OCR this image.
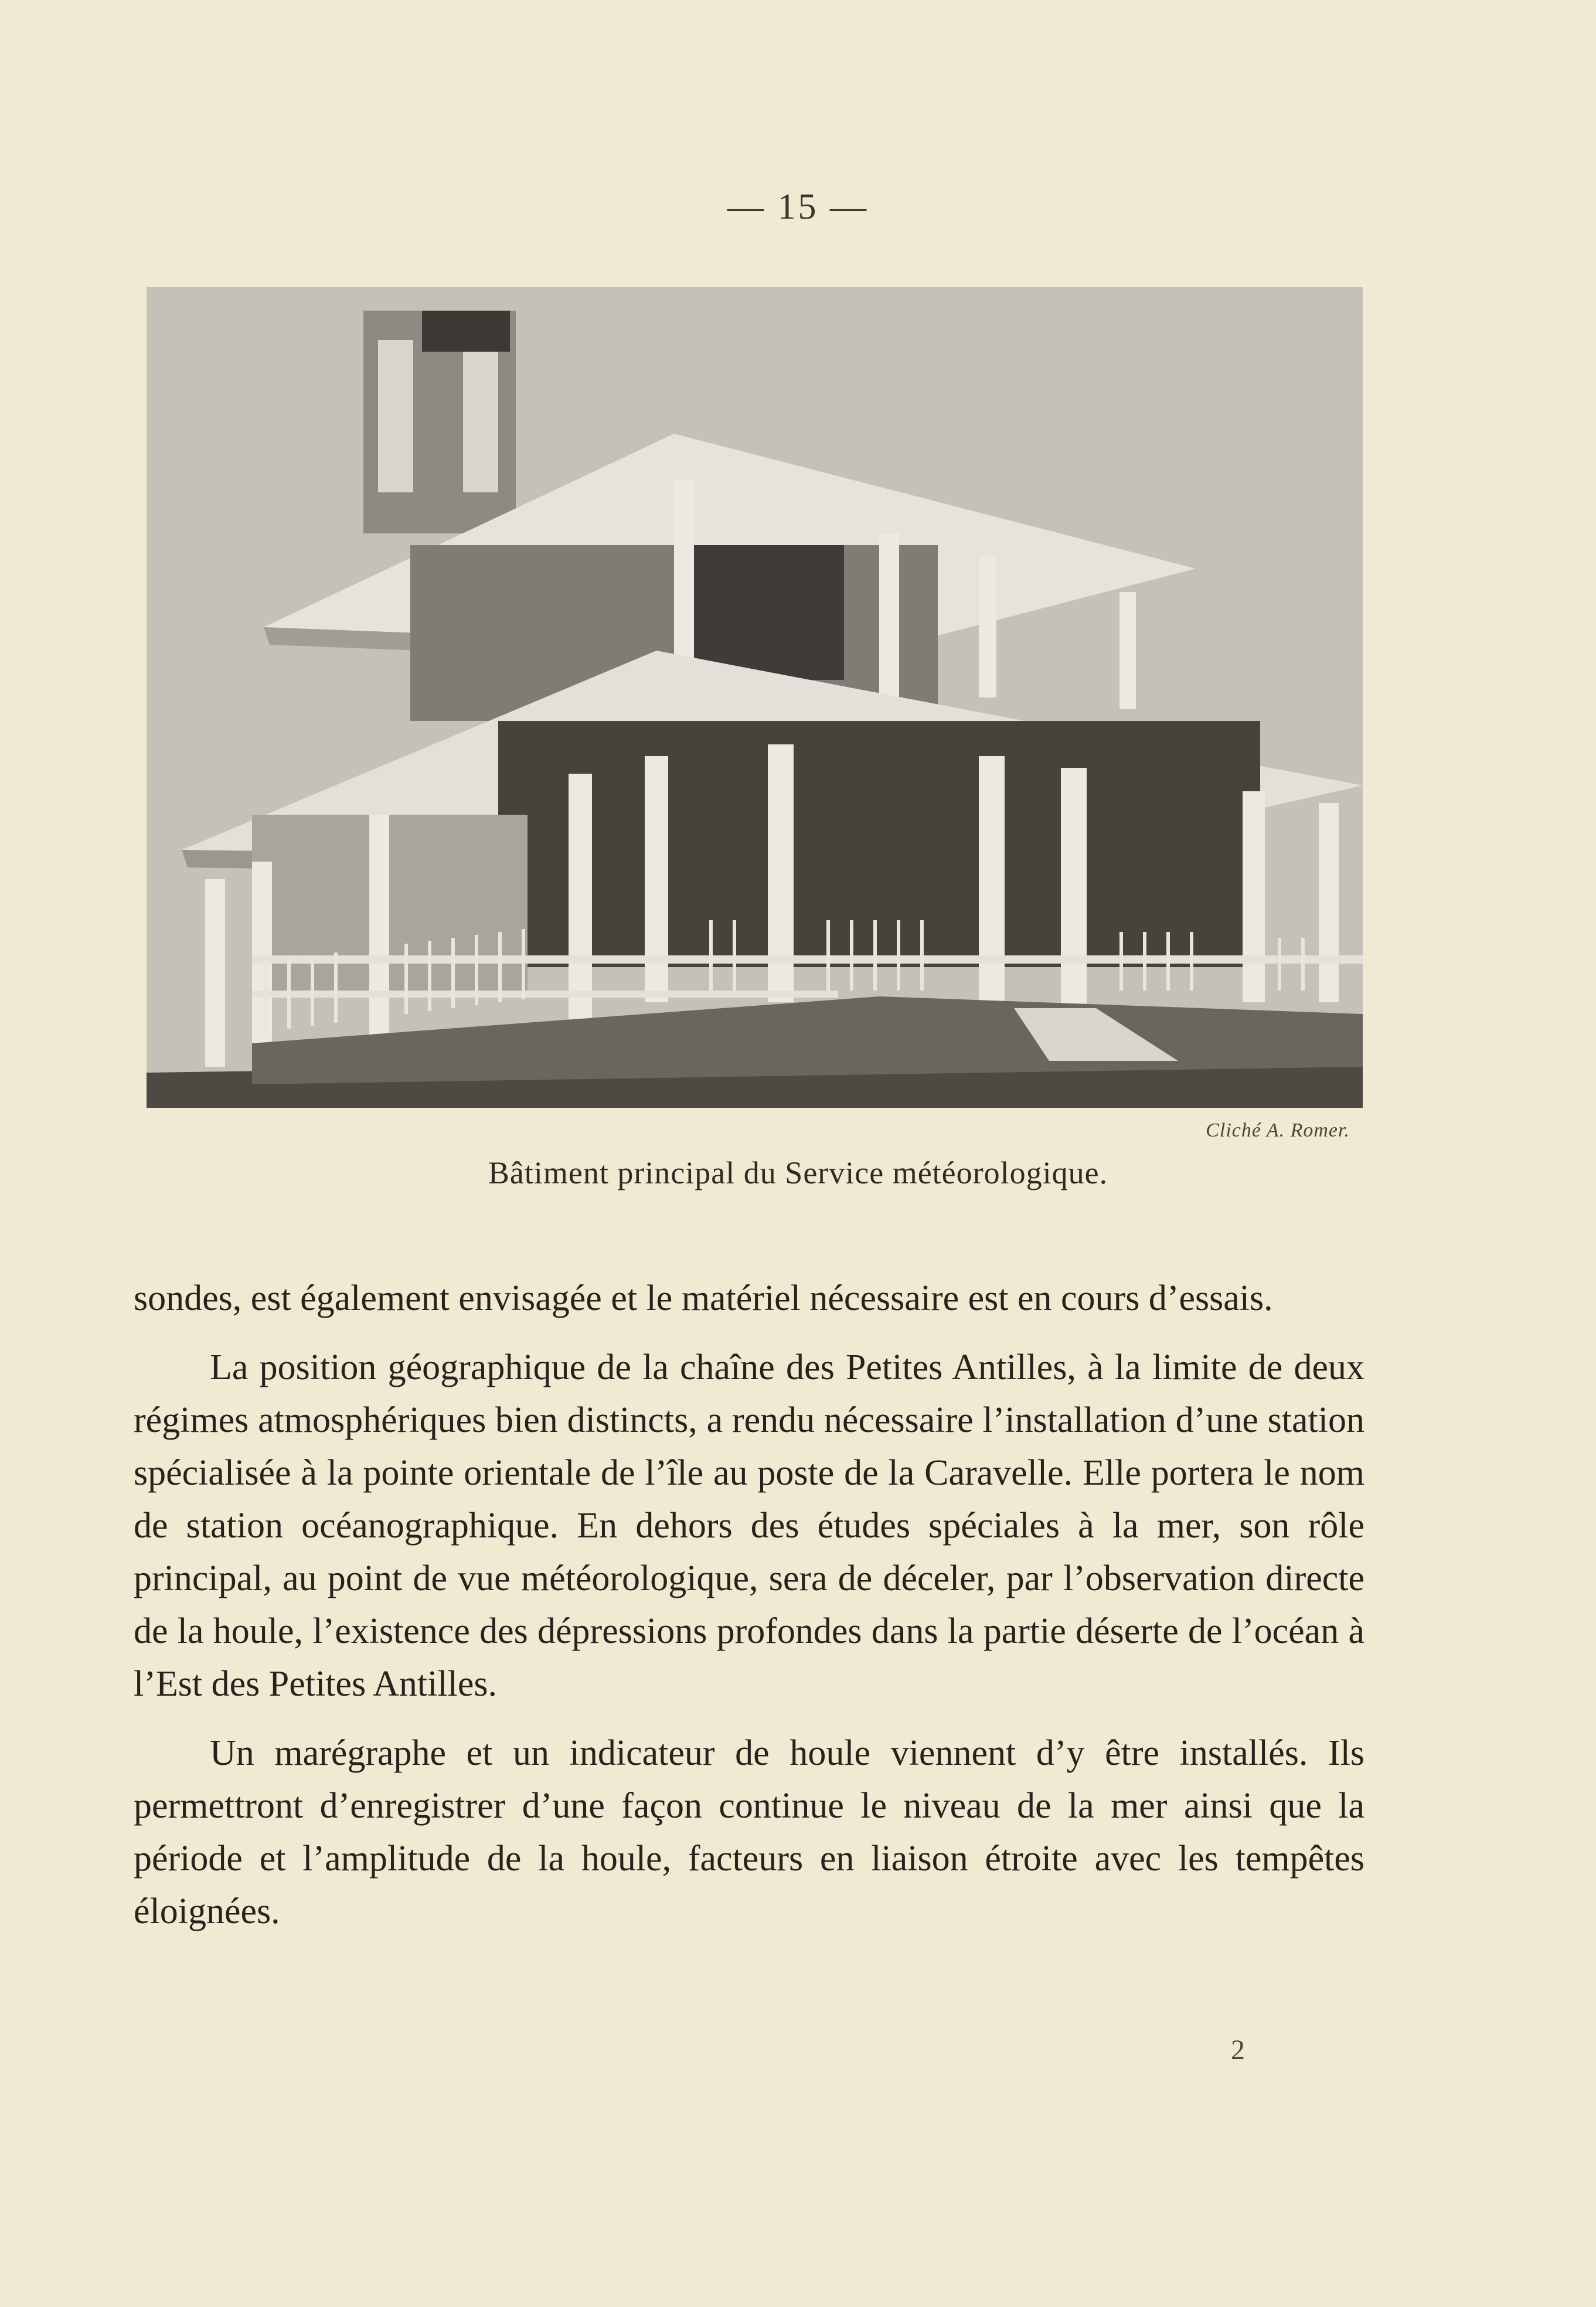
— 15 —
Cliché A. Romer.
Bâtiment principal du Service météorologique.

sondes, est également envisagée et le matériel nécessaire est en cours d’essais.

La position géographique de la chaîne des Petites Antilles, à la limite de deux régimes atmosphériques bien distincts, a rendu nécessaire l’installation d’une station spécialisée à la pointe orientale de l’île au poste de la Caravelle. Elle portera le nom de station océanographique. En dehors des études spéciales à la mer, son rôle principal, au point de vue météorologique, sera de déceler, par l’observation directe de la houle, l’existence des dépressions profondes dans la partie déserte de l’océan à l’Est des Petites Antilles.

Un marégraphe et un indicateur de houle viennent d’y être installés. Ils permettront d’enregistrer d’une façon continue le niveau de la mer ainsi que la période et l’amplitude de la houle, facteurs en liaison étroite avec les tempêtes éloignées.

2
